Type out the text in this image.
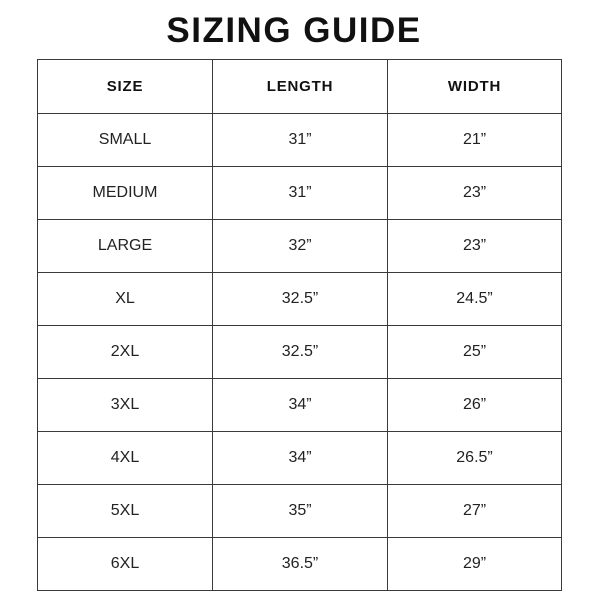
SIZING GUIDE
SIZE	LENGTH	WIDTH
SMALL	31”	21”
MEDIUM	31”	23”
LARGE	32”	23”
XL	32.5”	24.5”
2XL	32.5”	25”
3XL	34”	26”
4XL	34”	26.5”
5XL	35”	27”
6XL	36.5”	29”
